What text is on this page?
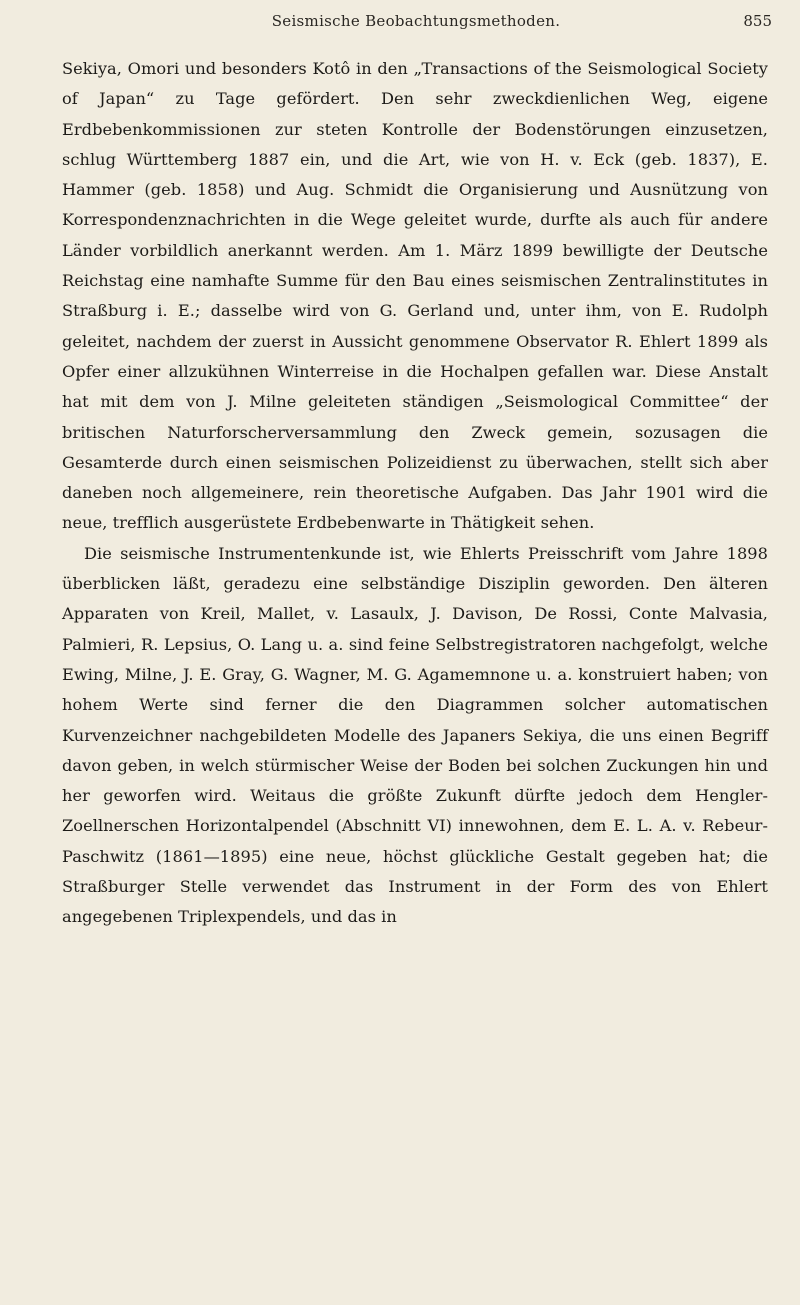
Seismische Beobachtungsmethoden.	855

Sekiya, Omori und besonders Kotô in den „Transactions of the Seismological Society of Japan“ zu Tage gefördert. Den sehr zweckdienlichen Weg, eigene Erdbebenkommissionen zur steten Kontrolle der Bodenstörungen einzusetzen, schlug Württemberg 1887 ein, und die Art, wie von H. v. Eck (geb. 1837), E. Hammer (geb. 1858) und Aug. Schmidt die Organisierung und Ausnützung von Korrespondenznachrichten in die Wege geleitet wurde, durfte als auch für andere Länder vorbildlich anerkannt werden. Am 1. März 1899 bewilligte der Deutsche Reichstag eine namhafte Summe für den Bau eines seismischen Zentralinstitutes in Straßburg i. E.; dasselbe wird von G. Gerland und, unter ihm, von E. Rudolph geleitet, nachdem der zuerst in Aussicht genommene Observator R. Ehlert 1899 als Opfer einer allzukühnen Winterreise in die Hochalpen gefallen war. Diese Anstalt hat mit dem von J. Milne geleiteten ständigen „Seismological Committee“ der britischen Naturforscherversammlung den Zweck gemein, sozusagen die Gesamterde durch einen seismischen Polizeidienst zu überwachen, stellt sich aber daneben noch allgemeinere, rein theoretische Aufgaben. Das Jahr 1901 wird die neue, trefflich ausgerüstete Erdbebenwarte in Thätigkeit sehen.

Die seismische Instrumentenkunde ist, wie Ehlerts Preisschrift vom Jahre 1898 überblicken läßt, geradezu eine selbständige Disziplin geworden. Den älteren Apparaten von Kreil, Mallet, v. Lasaulx, J. Davison, De Rossi, Conte Malvasia, Palmieri, R. Lepsius, O. Lang u. a. sind feine Selbstregistratoren nachgefolgt, welche Ewing, Milne, J. E. Gray, G. Wagner, M. G. Agamemnone u. a. konstruiert haben; von hohem Werte sind ferner die den Diagrammen solcher automatischen Kurvenzeichner nachgebildeten Modelle des Japaners Sekiya, die uns einen Begriff davon geben, in welch stürmischer Weise der Boden bei solchen Zuckungen hin und her geworfen wird. Weitaus die größte Zukunft dürfte jedoch dem Hengler-Zoellnerschen Horizontalpendel (Abschnitt VI) innewohnen, dem E. L. A. v. Rebeur-Paschwitz (1861—1895) eine neue, höchst glückliche Gestalt gegeben hat; die Straßburger Stelle verwendet das Instrument in der Form des von Ehlert angegebenen Triplexpendels, und das in
